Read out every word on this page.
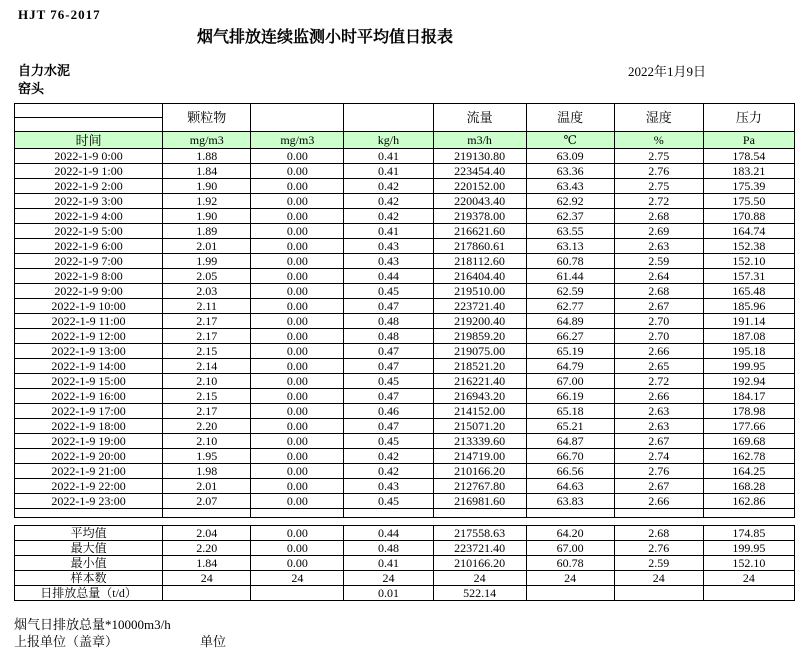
HJT 76-2017
烟气排放连续监测小时平均值日报表
自力水泥
窑头
2022年1月9日
	颗粒物			流量	温度	湿度	压力

时间	mg/m3	mg/m3	kg/h	m3/h	℃	%	Pa
2022-1-9 0:00	1.88	0.00	0.41	219130.80	63.09	2.75	178.54
2022-1-9 1:00	1.84	0.00	0.41	223454.40	63.36	2.76	183.21
2022-1-9 2:00	1.90	0.00	0.42	220152.00	63.43	2.75	175.39
2022-1-9 3:00	1.92	0.00	0.42	220043.40	62.92	2.72	175.50
2022-1-9 4:00	1.90	0.00	0.42	219378.00	62.37	2.68	170.88
2022-1-9 5:00	1.89	0.00	0.41	216621.60	63.55	2.69	164.74
2022-1-9 6:00	2.01	0.00	0.43	217860.61	63.13	2.63	152.38
2022-1-9 7:00	1.99	0.00	0.43	218112.60	60.78	2.59	152.10
2022-1-9 8:00	2.05	0.00	0.44	216404.40	61.44	2.64	157.31
2022-1-9 9:00	2.03	0.00	0.45	219510.00	62.59	2.68	165.48
2022-1-9 10:00	2.11	0.00	0.47	223721.40	62.77	2.67	185.96
2022-1-9 11:00	2.17	0.00	0.48	219200.40	64.89	2.70	191.14
2022-1-9 12:00	2.17	0.00	0.48	219859.20	66.27	2.70	187.08
2022-1-9 13:00	2.15	0.00	0.47	219075.00	65.19	2.66	195.18
2022-1-9 14:00	2.14	0.00	0.47	218521.20	64.79	2.65	199.95
2022-1-9 15:00	2.10	0.00	0.45	216221.40	67.00	2.72	192.94
2022-1-9 16:00	2.15	0.00	0.47	216943.20	66.19	2.66	184.17
2022-1-9 17:00	2.17	0.00	0.46	214152.00	65.18	2.63	178.98
2022-1-9 18:00	2.20	0.00	0.47	215071.20	65.21	2.63	177.66
2022-1-9 19:00	2.10	0.00	0.45	213339.60	64.87	2.67	169.68
2022-1-9 20:00	1.95	0.00	0.42	214719.00	66.70	2.74	162.78
2022-1-9 21:00	1.98	0.00	0.42	210166.20	66.56	2.76	164.25
2022-1-9 22:00	2.01	0.00	0.43	212767.80	64.63	2.67	168.28
2022-1-9 23:00	2.07	0.00	0.45	216981.60	63.83	2.66	162.86

平均值	2.04	0.00	0.44	217558.63	64.20	2.68	174.85
最大值	2.20	0.00	0.48	223721.40	67.00	2.76	199.95
最小值	1.84	0.00	0.41	210166.20	60.78	2.59	152.10
样本数	24	24	24	24	24	24	24
日排放总量（t/d）			0.01	522.14			
烟气日排放总量*10000m3/h
上报单位（盖章）	单位
